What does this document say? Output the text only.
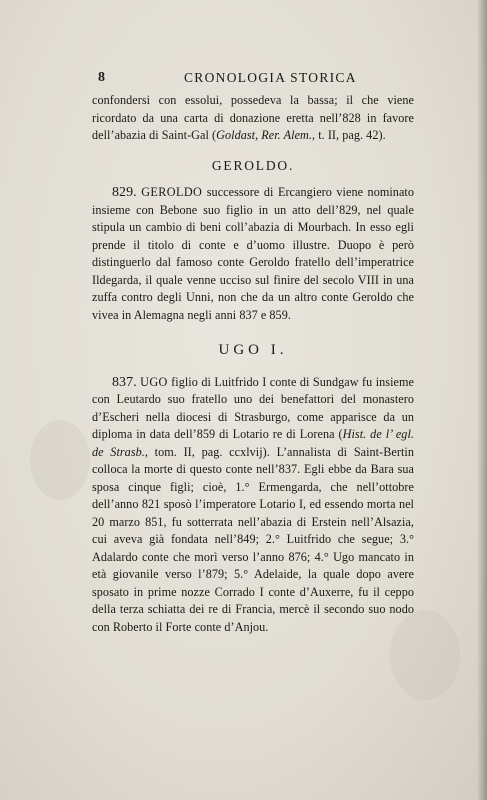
8	CRONOLOGIA STORICA

confondersi con essolui, possedeva la bassa; il che viene ricordato da una carta di donazione eretta nell’828 in favore dell’abazia di Saint-Gal (Goldast, Rer. Alem., t. II, pag. 42).

GEROLDO.

829. GEROLDO successore di Ercangiero viene nominato insieme con Bebone suo figlio in un atto dell’829, nel quale stipula un cambio di beni coll’abazia di Mourbach. In esso egli prende il titolo di conte e d’uomo illustre. Duopo è però distinguerlo dal famoso conte Geroldo fratello dell’imperatrice Ildegarda, il quale venne ucciso sul finire del secolo VIII in una zuffa contro degli Unni, non che da un altro conte Geroldo che vivea in Alemagna negli anni 837 e 859.

UGO I.

837. UGO figlio di Luitfrido I conte di Sundgaw fu insieme con Leutardo suo fratello uno dei benefattori del monastero d’Escheri nella diocesi di Strasburgo, come apparisce da un diploma in data dell’859 di Lotario re di Lorena (Hist. de l’ egl. de Strasb., tom. II, pag. ccxlvij). L’annalista di Saint-Bertin colloca la morte di questo conte nell’837. Egli ebbe da Bara sua sposa cinque figli; cioè, 1.° Ermengarda, che nell’ottobre dell’anno 821 sposò l’imperatore Lotario I, ed essendo morta nel 20 marzo 851, fu sotterrata nell’abazia di Erstein nell’Alsazia, cui aveva già fondata nell’849; 2.° Luitfrido che segue; 3.° Adalardo conte che morì verso l’anno 876; 4.° Ugo mancato in età giovanile verso l’879; 5.° Adelaide, la quale dopo avere sposato in prime nozze Corrado I conte d’Auxerre, fu il ceppo della terza schiatta dei re di Francia, mercè il secondo suo nodo con Roberto il Forte conte d’Anjou.
